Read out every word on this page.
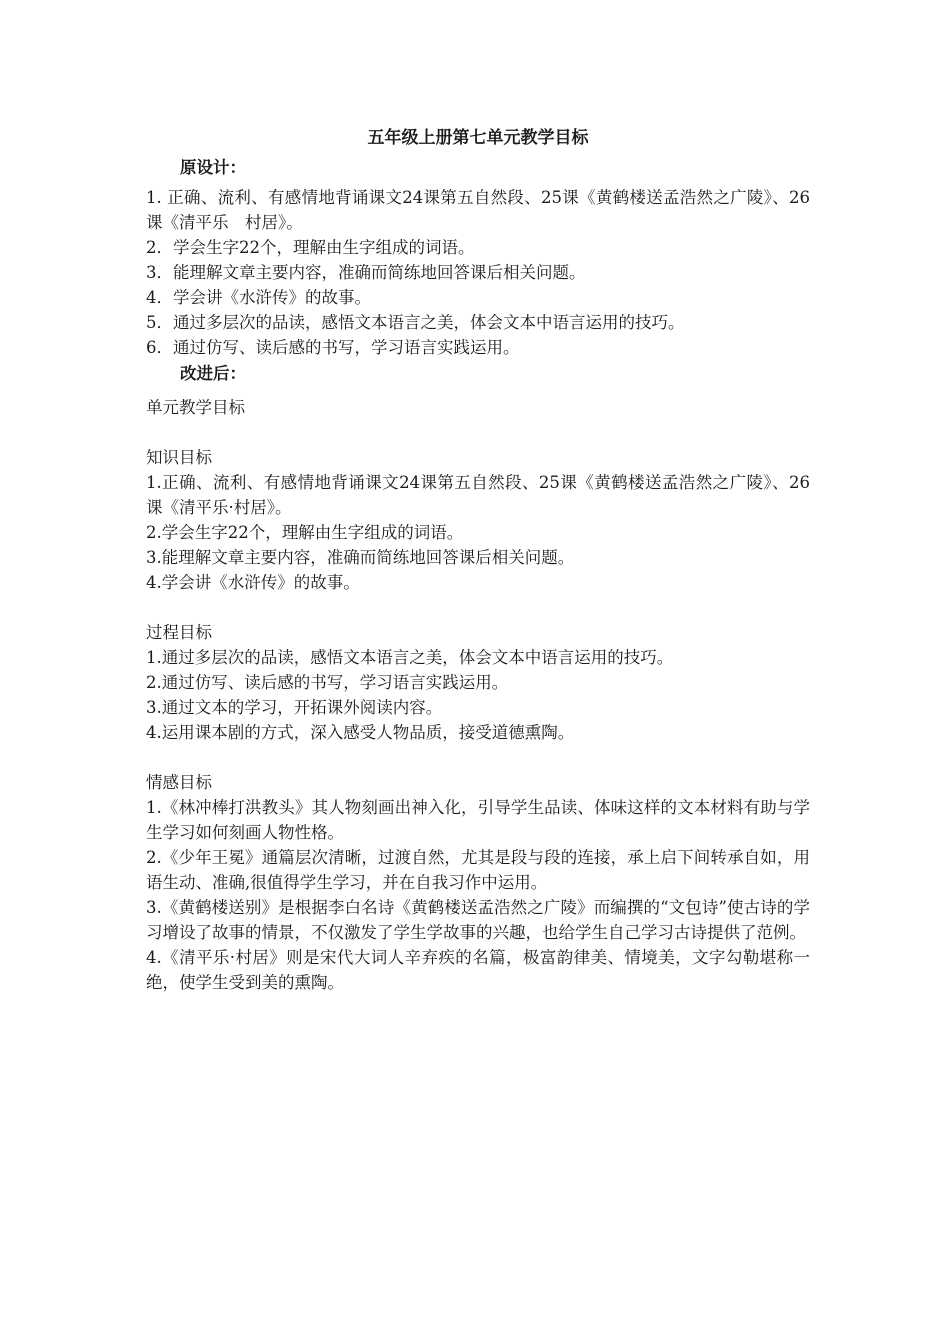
五年级上册第七单元教学目标
原设计：
1. 正确、流利、有感情地背诵课文24课第五自然段、25课《黄鹤楼送孟浩然之广陵》、26课《清平乐　村居》。
2．学会生字22个，理解由生字组成的词语。
3．能理解文章主要内容，准确而简练地回答课后相关问题。
4．学会讲《水浒传》的故事。
5．通过多层次的品读，感悟文本语言之美，体会文本中语言运用的技巧。
6．通过仿写、读后感的书写，学习语言实践运用。
改进后：
单元教学目标
知识目标
1.正确、流利、有感情地背诵课文24课第五自然段、25课《黄鹤楼送孟浩然之广陵》、26课《清平乐·村居》。
2.学会生字22个，理解由生字组成的词语。
3.能理解文章主要内容，准确而简练地回答课后相关问题。
4.学会讲《水浒传》的故事。
过程目标
1.通过多层次的品读，感悟文本语言之美，体会文本中语言运用的技巧。
2.通过仿写、读后感的书写，学习语言实践运用。
3.通过文本的学习，开拓课外阅读内容。
4.运用课本剧的方式，深入感受人物品质，接受道德熏陶。
情感目标
1.《林冲棒打洪教头》其人物刻画出神入化，引导学生品读、体味这样的文本材料有助与学生学习如何刻画人物性格。
2.《少年王冕》通篇层次清晰，过渡自然，尤其是段与段的连接，承上启下间转承自如，用语生动、准确,很值得学生学习，并在自我习作中运用。
3.《黄鹤楼送别》是根据李白名诗《黄鹤楼送孟浩然之广陵》而编撰的“文包诗”使古诗的学习增设了故事的情景，不仅激发了学生学故事的兴趣，也给学生自己学习古诗提供了范例。
4.《清平乐·村居》则是宋代大词人辛弃疾的名篇，极富韵律美、情境美，文字勾勒堪称一绝，使学生受到美的熏陶。
